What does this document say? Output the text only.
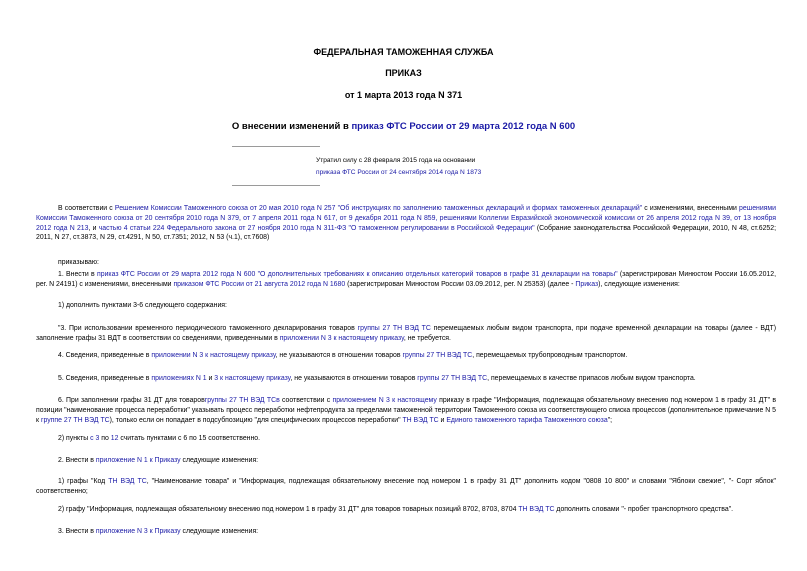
ФЕДЕРАЛЬНАЯ ТАМОЖЕННАЯ СЛУЖБА
ПРИКАЗ
от 1 марта 2013 года N 371
О внесении изменений в приказ ФТС России от 29 марта 2012 года N 600
Утратил силу с 28 февраля 2015 года на основании
приказа ФТС России от 24 сентября 2014 года N 1873
В соответствии с Решением Комиссии Таможенного союза от 20 мая 2010 года N 257 "Об инструкциях по заполнению таможенных деклараций и формах таможенных деклараций" с изменениями, внесенными решениями Комиссии Таможенного союза от 20 сентября 2010 года N 379, от 7 апреля 2011 года N 617, от 9 декабря 2011 года N 859, решениями Коллегии Евразийской экономической комиссии от 26 апреля 2012 года N 39, от 13 ноября 2012 года N 213, и частью 4 статьи 224 Федерального закона от 27 ноября 2010 года N 311-ФЗ "О таможенном регулировании в Российской Федерации" (Собрание законодательства Российской Федерации, 2010, N 48, ст.6252; 2011, N 27, ст.3873, N 29, ст.4291, N 50, ст.7351; 2012, N 53 (ч.1), ст.7608)
приказываю:
1. Внести в приказ ФТС России от 29 марта 2012 года N 600 "О дополнительных требованиях к описанию отдельных категорий товаров в графе 31 декларации на товары" (зарегистрирован Минюстом России 16.05.2012, рег. N 24191) с изменениями, внесенными приказом ФТС России от 21 августа 2012 года N 1680 (зарегистрирован Минюстом России 03.09.2012, рег. N 25353) (далее - Приказ), следующие изменения:
1) дополнить пунктами 3-6 следующего содержания:
"3. При использовании временного периодического таможенного декларирования товаров группы 27 ТН ВЭД ТС перемещаемых любым видом транспорта, при подаче временной декларации на товары (далее - ВДТ) заполнение графы 31 ВДТ в соответствии со сведениями, приведенными в приложении N 3 к настоящему приказу, не требуется.
4. Сведения, приведенные в приложении N 3 к настоящему приказу, не указываются в отношении товаров группы 27 ТН ВЭД ТС, перемещаемых трубопроводным транспортом.
5. Сведения, приведенные в приложениях N 1 и 3 к настоящему приказу, не указываются в отношении товаров группы 27 ТН ВЭД ТС, перемещаемых в качестве припасов любым видом транспорта.
6. При заполнении графы 31 ДТ для товаровгруппы 27 ТН ВЭД ТСв соответствии с приложением N 3 к настоящему приказу в графе "Информация, подлежащая обязательному внесению под номером 1 в графу 31 ДТ" в позиции "наименование процесса переработки" указывать процесс переработки нефтепродукта за пределами таможенной территории Таможенного союза из соответствующего списка процессов (дополнительное примечание N 5 к группе 27 ТН ВЭД ТС), только если он попадает в подсубпозицию "для специфических процессов переработки" ТН ВЭД ТС и Единого таможенного тарифа Таможенного союза";
2) пункты с 3 по 12 считать пунктами с 6 по 15 соответственно.
2. Внести в приложение N 1 к Приказу следующие изменения:
1) графы "Код ТН ВЭД ТС, "Наименование товара" и "Информация, подлежащая обязательному внесение под номером 1 в графу 31 ДТ" дополнить кодом "0808 10 800" и словами "Яблоки свежие", "- Сорт яблок" соответственно;
2) графу "Информация, подлежащая обязательному внесению под номером 1 в графу 31 ДТ" для товаров товарных позиций 8702, 8703, 8704 ТН ВЭД ТС дополнить словами "- пробег транспортного средства".
3. Внести в приложение N 3 к Приказу следующие изменения:
